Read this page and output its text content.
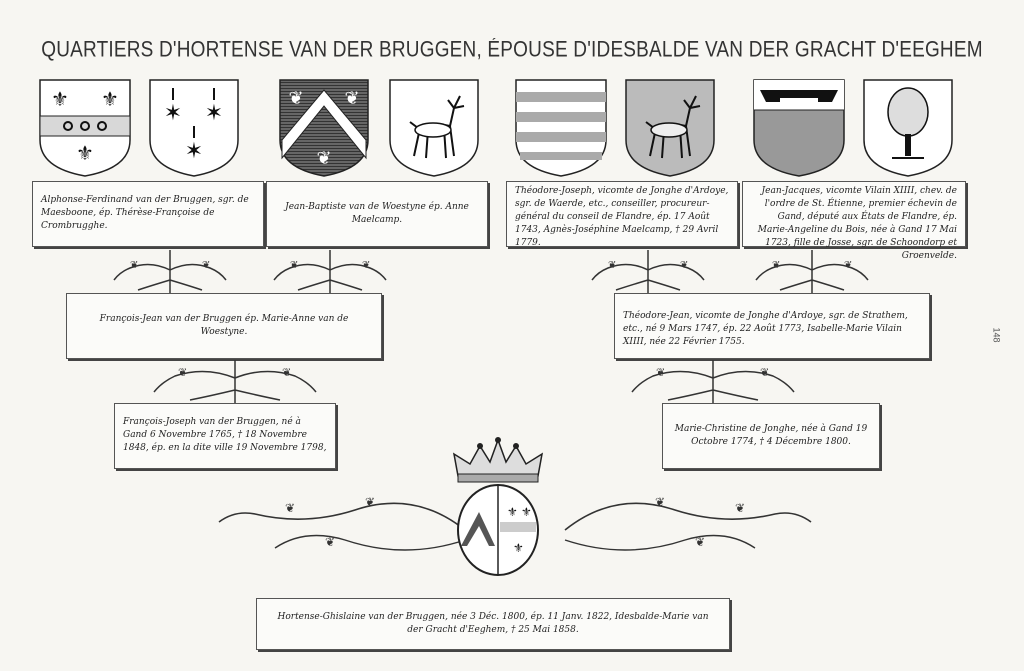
QUARTIERS D'HORTENSE VAN DER BRUGGEN, ÉPOUSE D'IDESBALDE VAN DER GRACHT D'EEGHEM
148
⚜ ⚜
⚜
✶ ✶
✶
❦ ❦
❦
Alphonse-Ferdinand van der Bruggen, sgr. de Maesboone, ép. Thérèse-Françoise de Crombrugghe.
Jean-Baptiste van de Woestyne ép. Anne Maelcamp.
Théodore-Joseph, vicomte de Jonghe d'Ardoye, sgr. de Waerde, etc., conseiller, procureur-général du conseil de Flandre, ép. 17 Août 1743, Agnès-Joséphine Maelcamp, † 29 Avril 1779.
Jean-Jacques, vicomte Vilain XIIII, chev. de l'ordre de St. Étienne, premier échevin de Gand, député aux États de Flandre, ép. Marie-Angeline du Bois, née à Gand 17 Mai 1723, fille de Josse, sgr. de Schoondorp et Groenvelde.
❦	❦	❦	❦	❦	❦	❦	❦
François-Jean van der Bruggen ép. Marie-Anne van de Woestyne.
Théodore-Jean, vicomte de Jonghe d'Ardoye, sgr. de Strathem, etc., né 9 Mars 1747, ép. 22 Août 1773, Isabelle-Marie Vilain XIIII, née 22 Février 1755.
❦	❦	❦	❦
François-Joseph van der Bruggen, né à Gand 6 Novembre 1765, † 18 Novembre 1848, ép. en la dite ville 19 Novembre 1798,
Marie-Christine de Jonghe, née à Gand 19 Octobre 1774, † 4 Décembre 1800.
❦	❦
❦
❦	❦
❦
⚜ ⚜
⚜
Hortense-Ghislaine van der Bruggen, née 3 Déc. 1800, ép. 11 Janv. 1822, Idesbalde-Marie van der Gracht d'Eeghem, † 25 Mai 1858.
